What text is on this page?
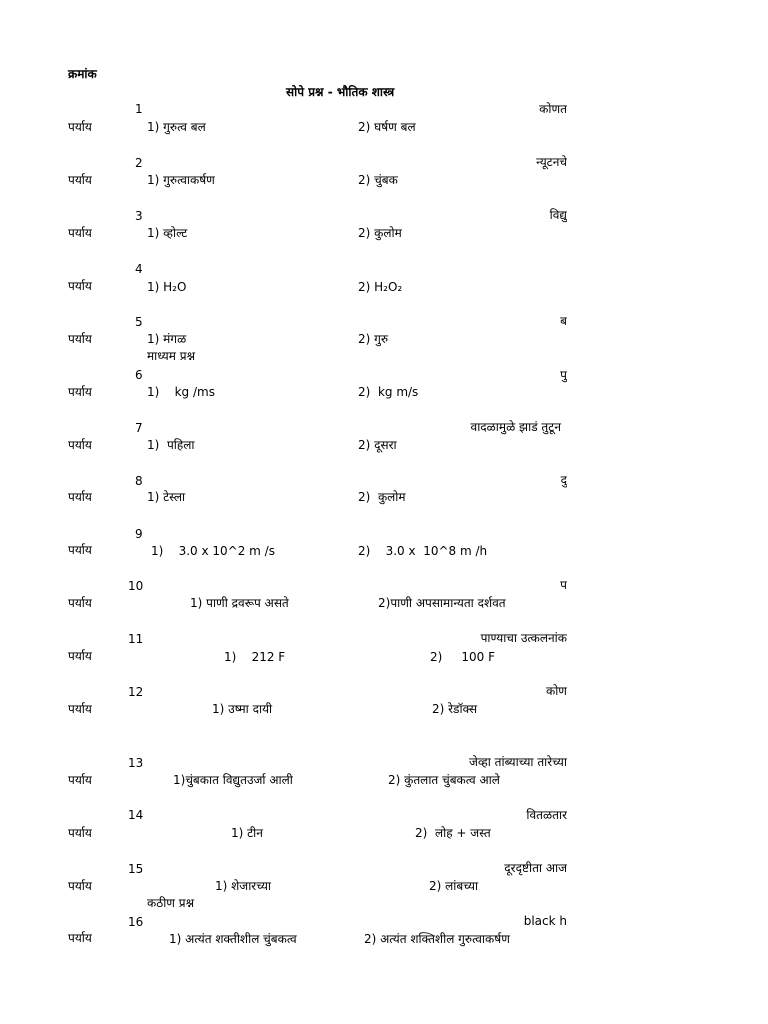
क्रमांक
सोपे प्रश्न - भौतिक शास्त्र
1	कोणत
पर्याय	1) गुरुत्व बल	2) घर्षण बल
2	न्यूटनचे
पर्याय	1) गुरुत्वाकर्षण	2) चुंबक
3	विद्यु
पर्याय	1) व्होल्ट	2) कुलोम
4
पर्याय	1) H₂O	2) H₂O₂
5	ब
पर्याय	1) मंगळ	2) गुरु
माध्यम प्रश्न
6	पु
पर्याय	1)    kg /ms	2)  kg m/s
7	वादळामुळे झाडं तुटून
पर्याय	1)  पहिला	2) दूसरा
8	दु
पर्याय	1) टेस्ला	2)  कुलोम
9
पर्याय	1)    3.0 x 10^2 m /s	2)    3.0 x  10^8 m /h
10	प
पर्याय	1) पाणी द्रवरूप असते	2)पाणी अपसामान्यता दर्शवत
11	पाण्याचा उत्कलनांक
पर्याय	1)    212 F	2)     100 F
12	कोण
पर्याय	1) उष्मा दायी	2) रेडॉक्स
13	जेव्हा तांब्याच्या तारेच्या
पर्याय	1)चुंबकात विद्युतउर्जा आली	2) कुंतलात चुंबकत्व आले
14	वितळतार
पर्याय	1) टीन	2)  लोह + जस्त
15	दूरदृष्टीता आज
पर्याय	1) शेजारच्या	2) लांबच्या
कठीण प्रश्न
16	black h
पर्याय	1) अत्यंत शक्तीशील चुंबकत्व	2) अत्यंत शक्तिशील गुरुत्वाकर्षण
